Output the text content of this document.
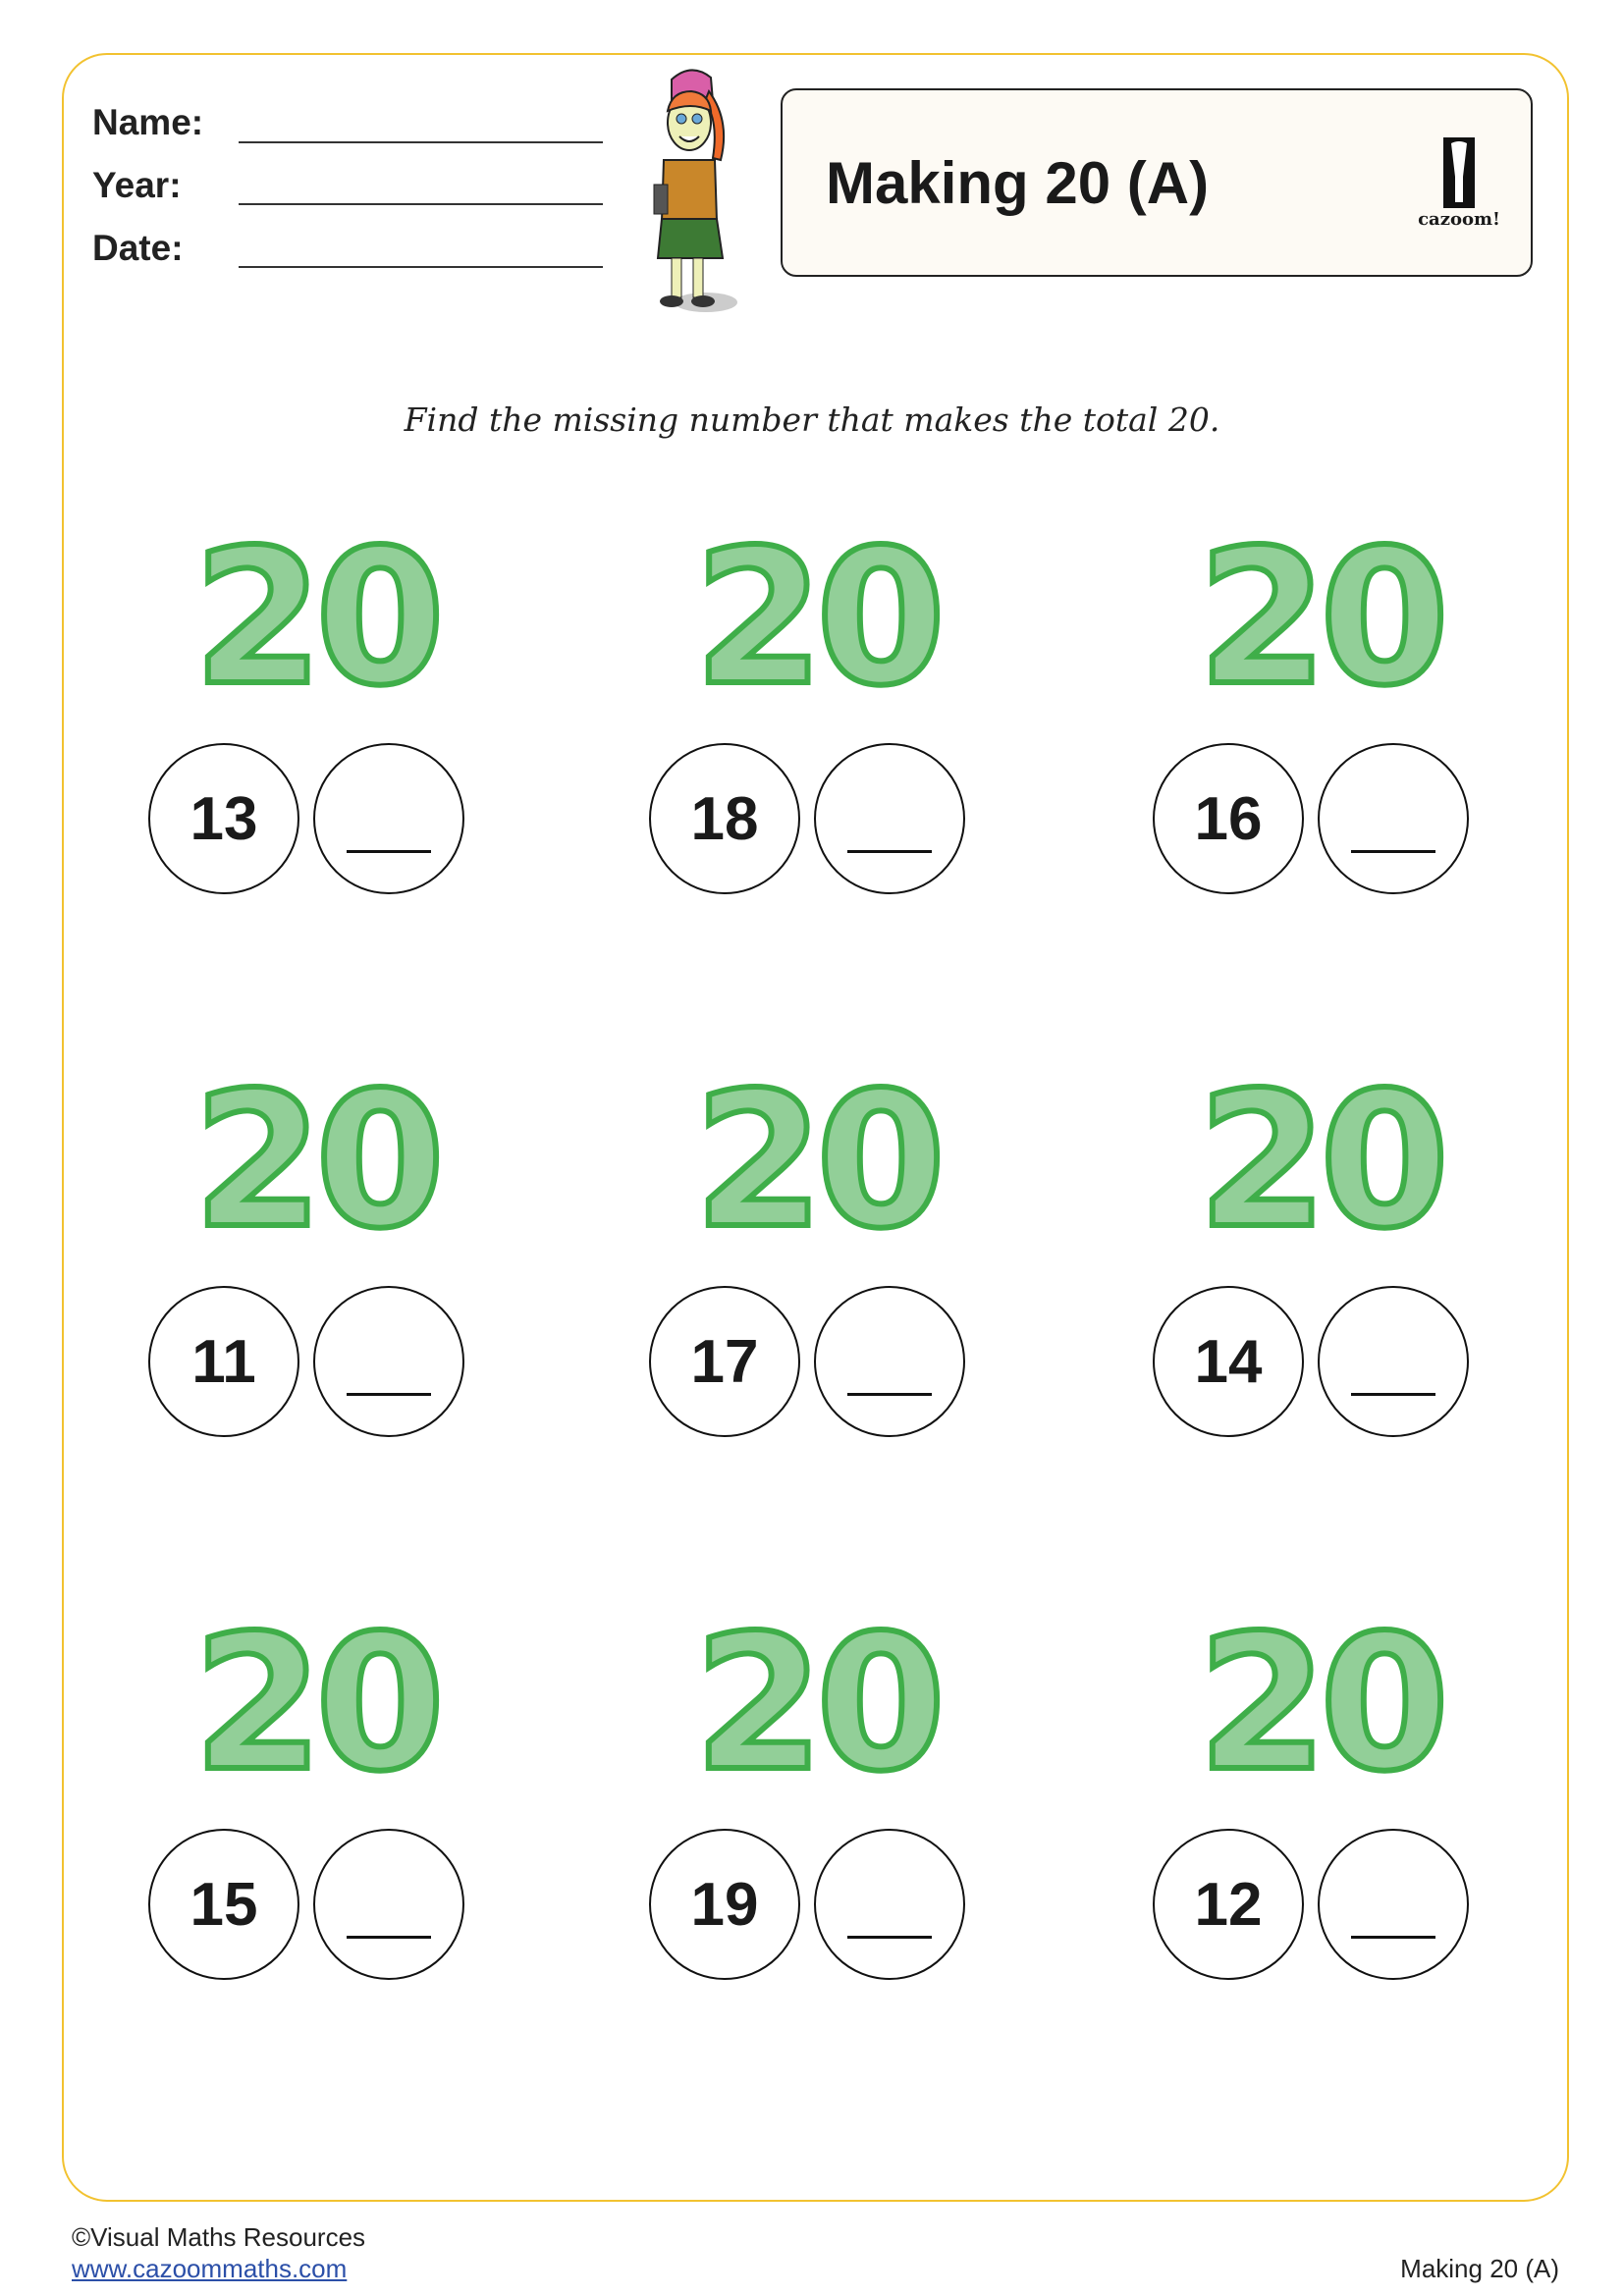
Name:
Year:
Date:
Making 20 (A)
cazoom!
Find the missing number that makes the total 20.
20
13
20
18
20
16
20
11
20
17
20
14
20
15
20
19
20
12
©Visual Maths Resources
www.cazoommaths.com	Making 20 (A)
